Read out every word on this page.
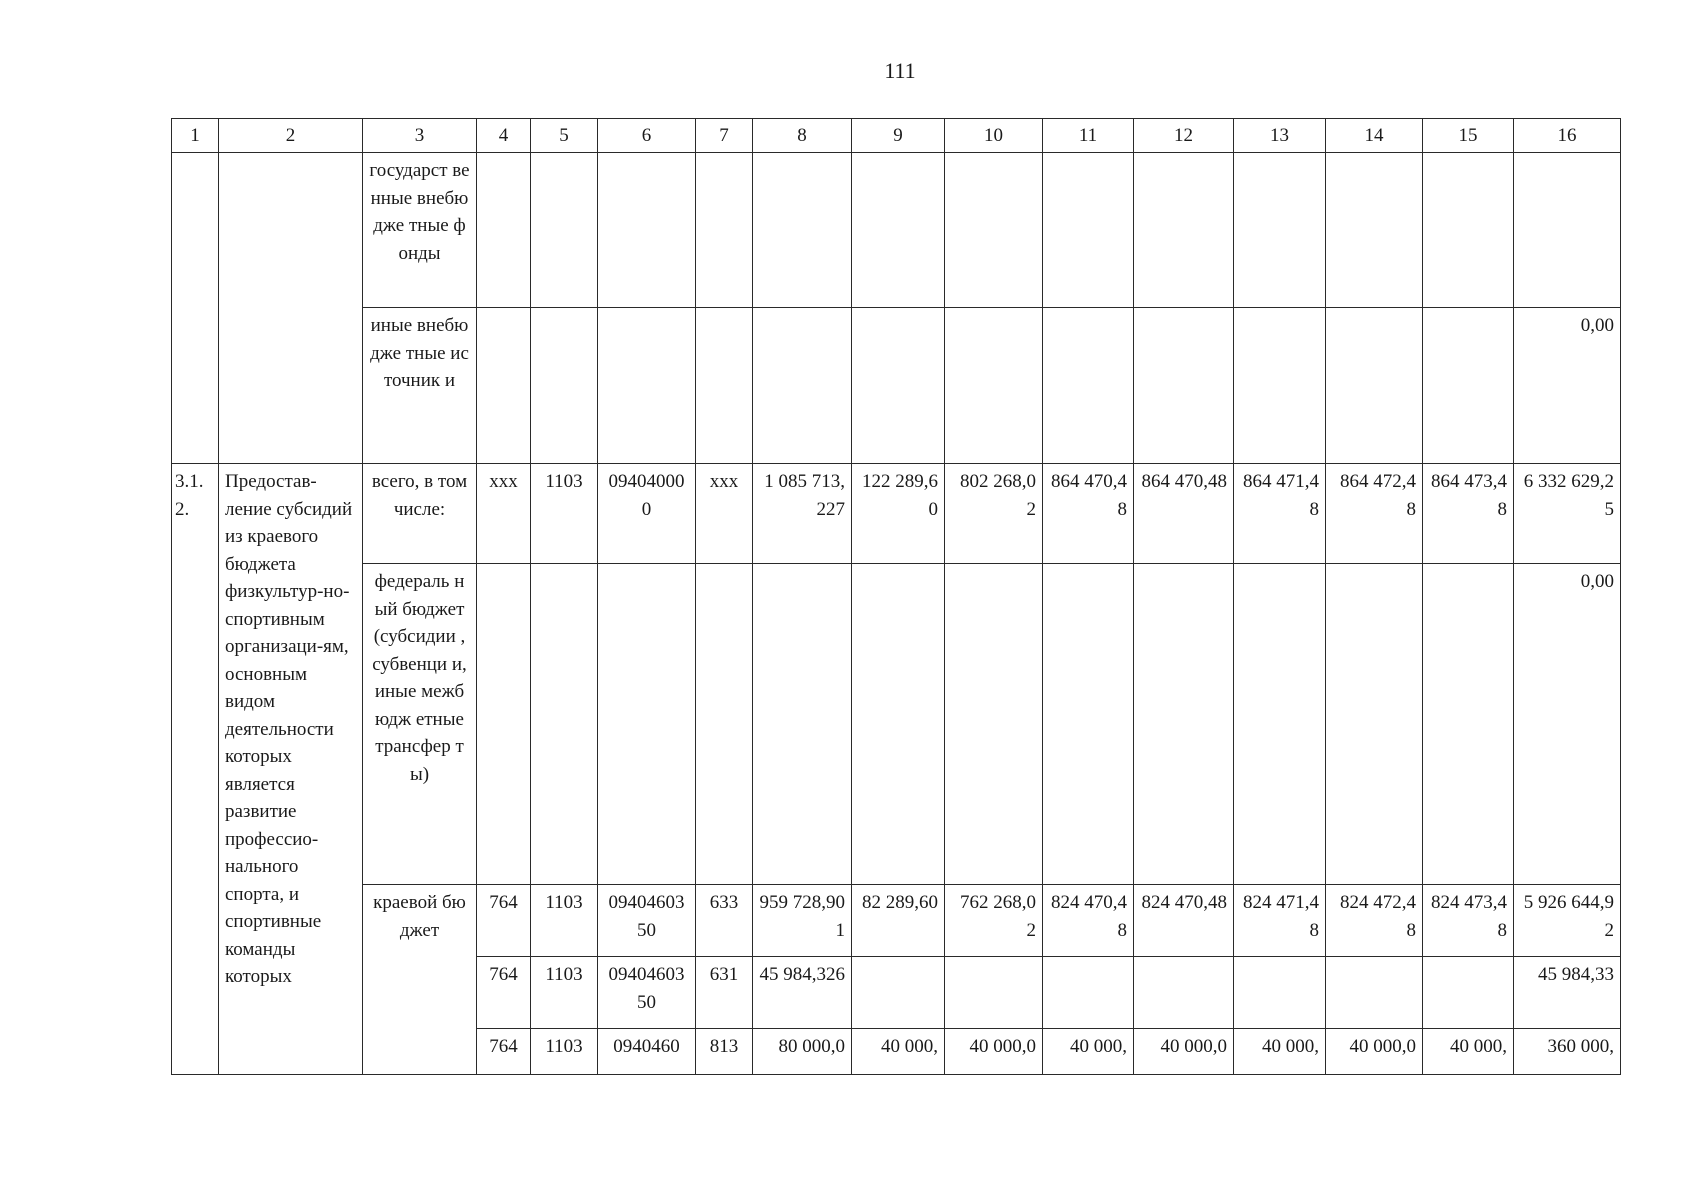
111
1	2	3	4	5	6	7	8	9	10	11	12	13	14	15	16
		государст венные внебюдже тные фонды													
		иные внебюдже тные источник и													0,00
3.1.2.	Предостав-ление субсидий из краевого бюджета физкультур-но-спортивным организаци-ям, основным видом деятельности которых является развитие профессио-нального спорта, и спортивные команды которых	всего, в том числе:	xxx	1103	094040000	xxx	1 085 713,227	122 289,60	802 268,02	864 470,48	864 470,48	864 471,48	864 472,48	864 473,48	6 332 629,25
		федераль ный бюджет (субсидии , субвенци и, иные межбюдж етные трансфер ты)													0,00
		краевой бюджет	764	1103	0940460350	633	959 728,901	82 289,60	762 268,02	824 470,48	824 470,48	824 471,48	824 472,48	824 473,48	5 926 644,92
			764	1103	0940460350	631	45 984,326								45 984,33
			764	1103	0940460	813	80 000,0	40 000,	40 000,0	40 000,	40 000,0	40 000,	40 000,0	40 000,	360 000,
